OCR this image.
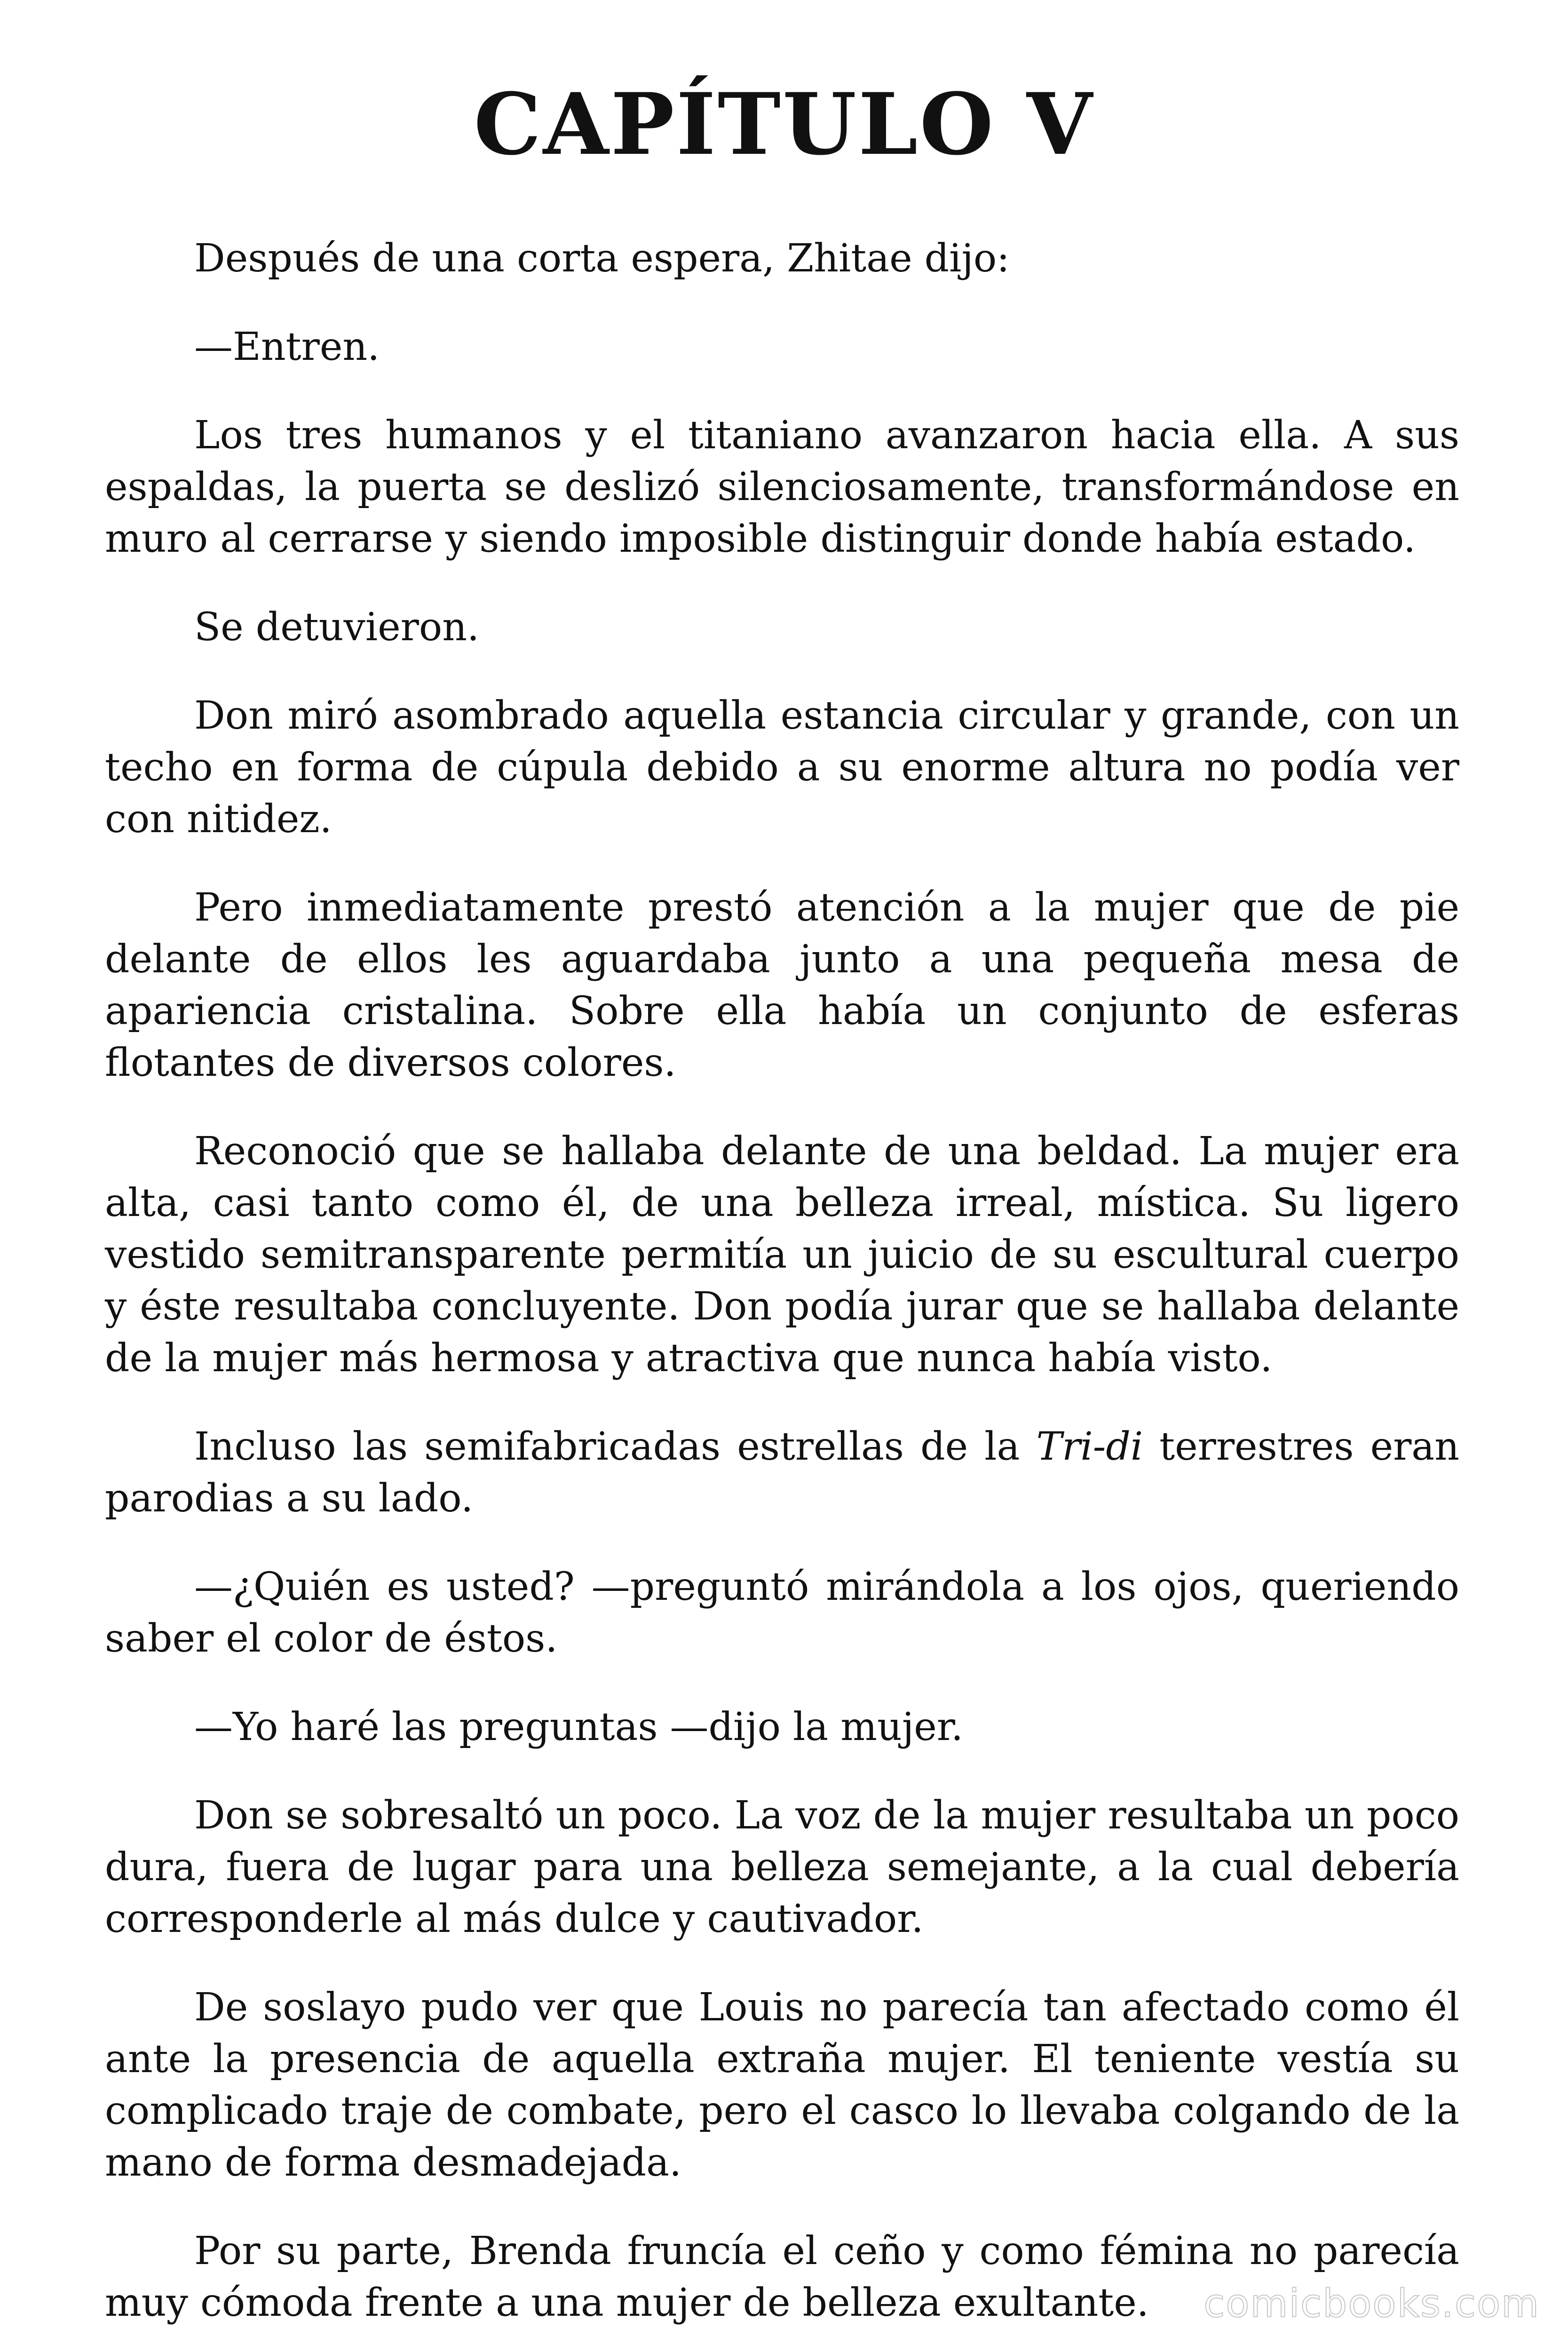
CAPÍTULO V

Después de una corta espera, Zhitae dijo:

—Entren.

Los tres humanos y el titaniano avanzaron hacia ella. A sus espaldas, la puerta se deslizó silenciosamente, transformándose en muro al cerrarse y siendo imposible distinguir donde había estado.

Se detuvieron.

Don miró asombrado aquella estancia circular y grande, con un techo en forma de cúpula debido a su enorme altura no podía ver con nitidez.

Pero inmediatamente prestó atención a la mujer que de pie delante de ellos les aguardaba junto a una pequeña mesa de apariencia cristalina. Sobre ella había un conjunto de esferas flotantes de diversos colores.

Reconoció que se hallaba delante de una beldad. La mujer era alta, casi tanto como él, de una belleza irreal, mística. Su ligero vestido semitransparente permitía un juicio de su escultural cuerpo y éste resultaba concluyente. Don podía jurar que se hallaba delante de la mujer más hermosa y atractiva que nunca había visto.

Incluso las semifabricadas estrellas de la Tri-di terrestres eran parodias a su lado.

—¿Quién es usted? —preguntó mirándola a los ojos, queriendo saber el color de éstos.

—Yo haré las preguntas —dijo la mujer.

Don se sobresaltó un poco. La voz de la mujer resultaba un poco dura, fuera de lugar para una belleza semejante, a la cual debería corresponderle al más dulce y cautivador.

De soslayo pudo ver que Louis no parecía tan afectado como él ante la presencia de aquella extraña mujer. El teniente vestía su complicado traje de combate, pero el casco lo llevaba colgando de la mano de forma desmadejada.

Por su parte, Brenda fruncía el ceño y como fémina no parecía muy cómoda frente a una mujer de belleza exultante.	comicbooks.com
